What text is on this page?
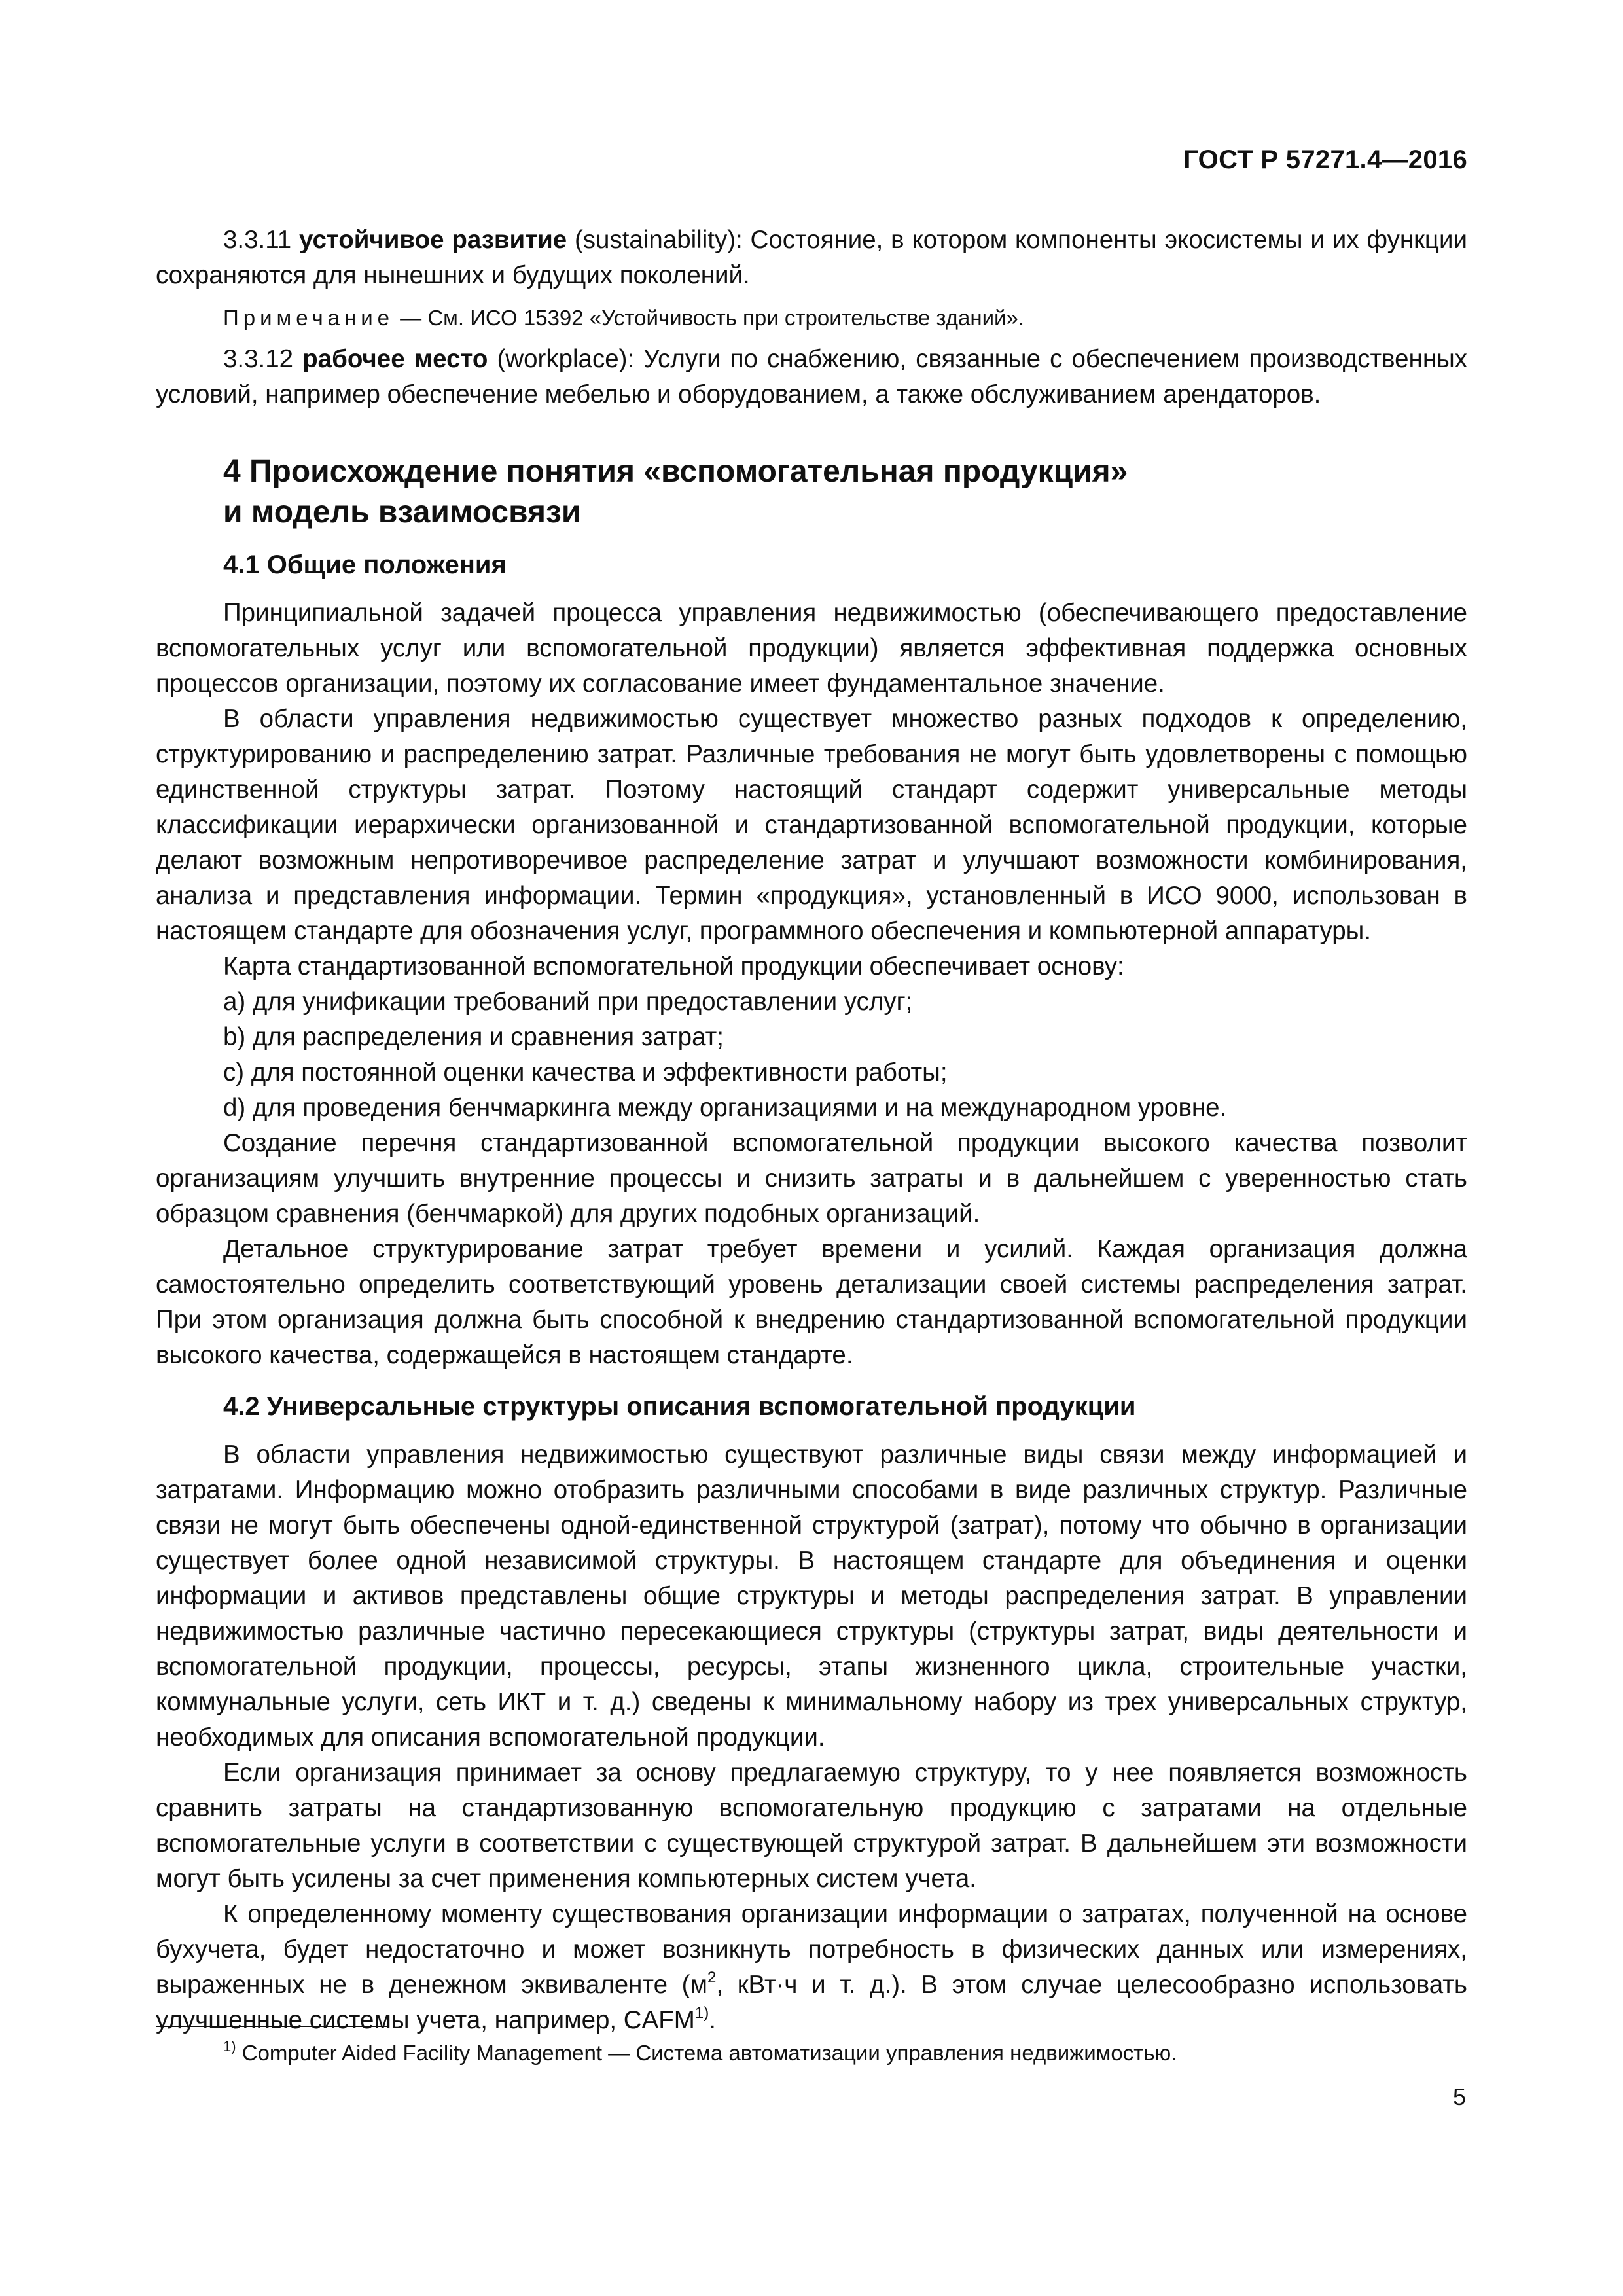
ГОСТ Р 57271.4—2016

3.3.11 устойчивое развитие (sustainability): Состояние, в котором компоненты экосистемы и их функции сохраняются для нынешних и будущих поколений.

Примечание — См. ИСО 15392 «Устойчивость при строительстве зданий».

3.3.12 рабочее место (workplace): Услуги по снабжению, связанные с обеспечением производственных условий, например обеспечение мебелью и оборудованием, а также обслуживанием арендаторов.

4 Происхождение понятия «вспомогательная продукция»
и модель взаимосвязи
4.1 Общие положения

Принципиальной задачей процесса управления недвижимостью (обеспечивающего предоставление вспомогательных услуг или вспомогательной продукции) является эффективная поддержка основных процессов организации, поэтому их согласование имеет фундаментальное значение.

В области управления недвижимостью существует множество разных подходов к определению, структурированию и распределению затрат. Различные требования не могут быть удовлетворены с помощью единственной структуры затрат. Поэтому настоящий стандарт содержит универсальные методы классификации иерархически организованной и стандартизованной вспомогательной продукции, которые делают возможным непротиворечивое распределение затрат и улучшают возможности комбинирования, анализа и представления информации. Термин «продукция», установленный в ИСО 9000, использован в настоящем стандарте для обозначения услуг, программного обеспечения и компьютерной аппаратуры.

Карта стандартизованной вспомогательной продукции обеспечивает основу:

a) для унификации требований при предоставлении услуг;

b) для распределения и сравнения затрат;

c) для постоянной оценки качества и эффективности работы;

d) для проведения бенчмаркинга между организациями и на международном уровне.

Создание перечня стандартизованной вспомогательной продукции высокого качества позволит организациям улучшить внутренние процессы и снизить затраты и в дальнейшем с уверенностью стать образцом сравнения (бенчмаркой) для других подобных организаций.

Детальное структурирование затрат требует времени и усилий. Каждая организация должна самостоятельно определить соответствующий уровень детализации своей системы распределения затрат. При этом организация должна быть способной к внедрению стандартизованной вспомогательной продукции высокого качества, содержащейся в настоящем стандарте.

4.2 Универсальные структуры описания вспомогательной продукции

В области управления недвижимостью существуют различные виды связи между информацией и затратами. Информацию можно отобразить различными способами в виде различных структур. Различные связи не могут быть обеспечены одной-единственной структурой (затрат), потому что обычно в организации существует более одной независимой структуры. В настоящем стандарте для объединения и оценки информации и активов представлены общие структуры и методы распределения затрат. В управлении недвижимостью различные частично пересекающиеся структуры (структуры затрат, виды деятельности и вспомогательной продукции, процессы, ресурсы, этапы жизненного цикла, строительные участки, коммунальные услуги, сеть ИКТ и т. д.) сведены к минимальному набору из трех универсальных структур, необходимых для описания вспомогательной продукции.

Если организация принимает за основу предлагаемую структуру, то у нее появляется возможность сравнить затраты на стандартизованную вспомогательную продукцию с затратами на отдельные вспомогательные услуги в соответствии с существующей структурой затрат. В дальнейшем эти возможности могут быть усилены за счет применения компьютерных систем учета.

К определенному моменту существования организации информации о затратах, полученной на основе бухучета, будет недостаточно и может возникнуть потребность в физических данных или измерениях, выраженных не в денежном эквиваленте ($м^2$, кВт·ч и т. д.). В этом случае целесообразно использовать улучшенные системы учета, например, CAFM$^{1)}$.

$^{1)}$ Computer Aided Facility Management — Система автоматизации управления недвижимостью.
5
